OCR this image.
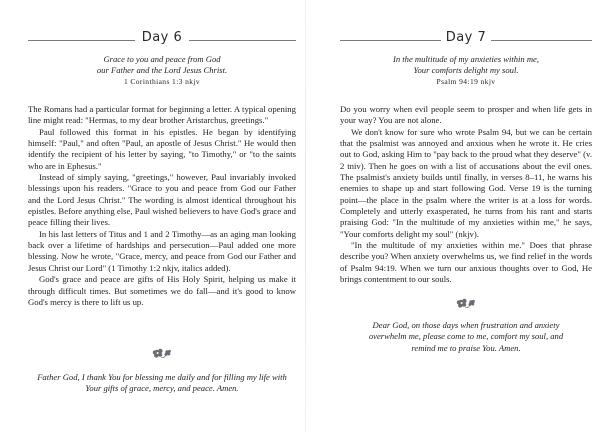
Day 6
Grace to you and peace from God
our Father and the Lord Jesus Christ.
1 Corinthians 1:3 nkjv

The Romans had a particular format for beginning a letter. A typical opening line might read: "Hermas, to my dear brother Aristarchus, greetings."

Paul followed this format in his epistles. He began by identifying himself: "Paul," and often "Paul, an apostle of Jesus Christ." He would then identify the recipient of his letter by saying, "to Timothy," or "to the saints who are in Ephesus."

Instead of simply saying, "greetings," however, Paul invariably invoked blessings upon his readers. "Grace to you and peace from God our Father and the Lord Jesus Christ." The wording is almost identical throughout his epistles. Before anything else, Paul wished believers to have God's grace and peace filling their lives.

In his last letters of Titus and 1 and 2 Timothy—as an aging man looking back over a lifetime of hardships and persecution—Paul added one more blessing. Now he wrote, "Grace, mercy, and peace from God our Father and Jesus Christ our Lord" (1 Timothy 1:2 nkjv, italics added).

God's grace and peace are gifts of His Holy Spirit, helping us make it through difficult times. But sometimes we do fall—and it's good to know God's mercy is there to lift us up.

Father God, I thank You for blessing me daily and for filling my life with Your gifts of grace, mercy, and peace. Amen.
Day 7
In the multitude of my anxieties within me,
Your comforts delight my soul.
Psalm 94:19 nkjv

Do you worry when evil people seem to prosper and when life gets in your way? You are not alone.

We don't know for sure who wrote Psalm 94, but we can be certain that the psalmist was annoyed and anxious when he wrote it. He cries out to God, asking Him to "pay back to the proud what they deserve" (v. 2 tniv). Then he goes on with a list of accusations about the evil ones. The psalmist's anxiety builds until finally, in verses 8–11, he warns his enemies to shape up and start following God. Verse 19 is the turning point—the place in the psalm where the writer is at a loss for words. Completely and utterly exasperated, he turns from his rant and starts praising God: "In the multitude of my anxieties within me," he says, "Your comforts delight my soul" (nkjv).

"In the multitude of my anxieties within me." Does that phrase describe you? When anxiety overwhelms us, we find relief in the words of Psalm 94:19. When we turn our anxious thoughts over to God, He brings contentment to our souls.

Dear God, on those days when frustration and anxiety overwhelm me, please come to me, comfort my soul, and remind me to praise You. Amen.
